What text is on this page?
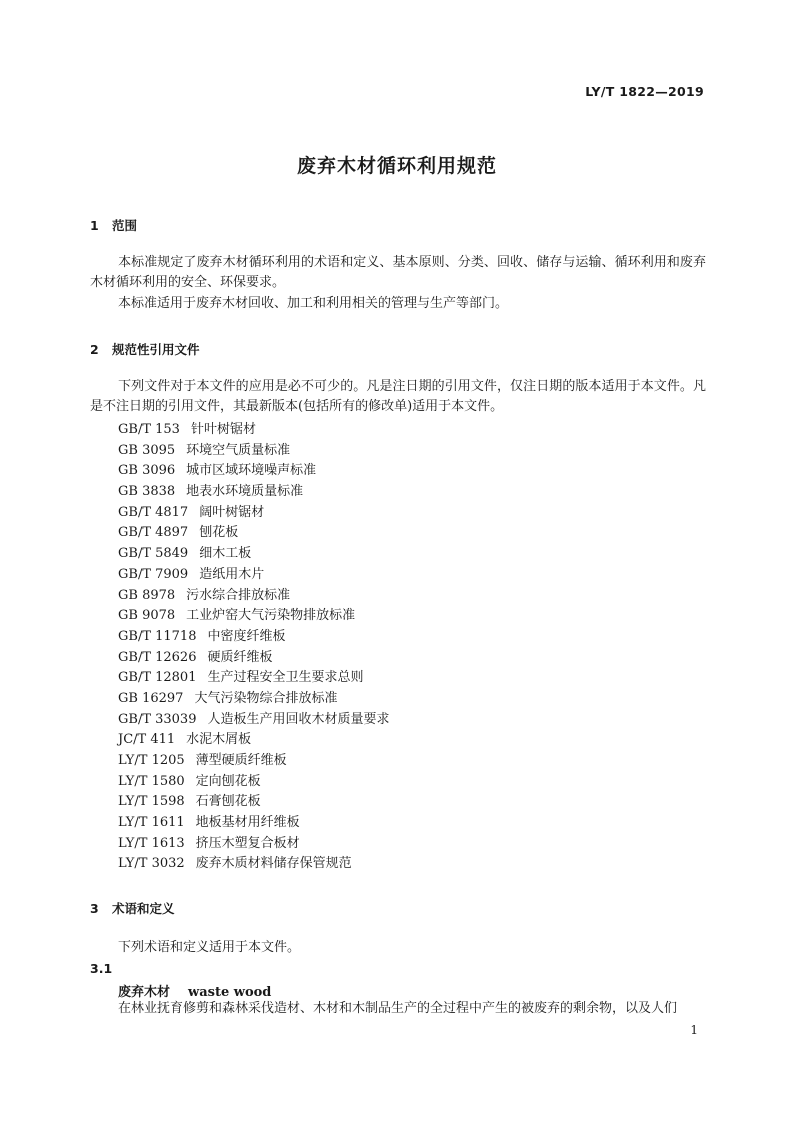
LY/T 1822—2019
废弃木材循环利用规范
1 范围
本标准规定了废弃木材循环利用的术语和定义、基本原则、分类、回收、储存与运输、循环利用和废弃木材循环利用的安全、环保要求。
本标准适用于废弃木材回收、加工和利用相关的管理与生产等部门。
2 规范性引用文件
下列文件对于本文件的应用是必不可少的。凡是注日期的引用文件，仅注日期的版本适用于本文件。凡是不注日期的引用文件，其最新版本(包括所有的修改单)适用于本文件。
GB/T 153 针叶树锯材
GB 3095 环境空气质量标准
GB 3096 城市区域环境噪声标准
GB 3838 地表水环境质量标准
GB/T 4817 阔叶树锯材
GB/T 4897 刨花板
GB/T 5849 细木工板
GB/T 7909 造纸用木片
GB 8978 污水综合排放标准
GB 9078 工业炉窑大气污染物排放标准
GB/T 11718 中密度纤维板
GB/T 12626 硬质纤维板
GB/T 12801 生产过程安全卫生要求总则
GB 16297 大气污染物综合排放标准
GB/T 33039 人造板生产用回收木材质量要求
JC/T 411 水泥木屑板
LY/T 1205 薄型硬质纤维板
LY/T 1580 定向刨花板
LY/T 1598 石膏刨花板
LY/T 1611 地板基材用纤维板
LY/T 1613 挤压木塑复合板材
LY/T 3032 废弃木质材料储存保管规范
3 术语和定义
下列术语和定义适用于本文件。
3.1
废弃木材 waste wood
在林业抚育修剪和森林采伐造材、木材和木制品生产的全过程中产生的被废弃的剩余物，以及人们
1
